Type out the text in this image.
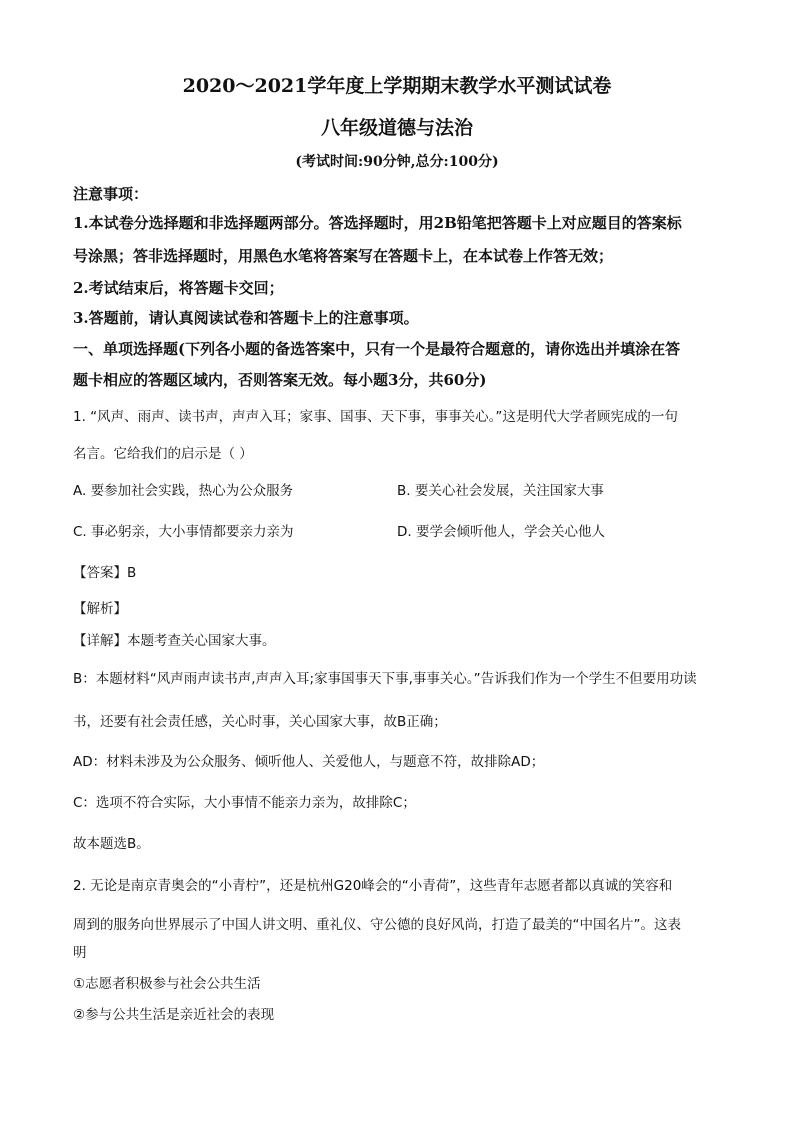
2020～2021学年度上学期期末教学水平测试试卷

八年级道德与法治

(考试时间:90分钟,总分:100分)

注意事项：

1.本试卷分选择题和非选择题两部分。答选择题时，用2B铅笔把答题卡上对应题目的答案标

号涂黑；答非选择题时，用黑色水笔将答案写在答题卡上，在本试卷上作答无效；

2.考试结束后，将答题卡交回；

3.答题前，请认真阅读试卷和答题卡上的注意事项。

一、单项选择题(下列各小题的备选答案中，只有一个是最符合题意的，请你选出并填涂在答

题卡相应的答题区域内，否则答案无效。每小题3分，共60分)

1. “风声、雨声、读书声，声声入耳；家事、国事、天下事，事事关心。”这是明代大学者顾宪成的一句

名言。它给我们的启示是（ ）

A. 要参加社会实践，热心为公众服务	B. 要关心社会发展，关注国家大事

C. 事必躬亲，大小事情都要亲力亲为	D. 要学会倾听他人，学会关心他人

【答案】B

【解析】

【详解】本题考查关心国家大事。

B：本题材料“风声雨声读书声,声声入耳;家事国事天下事,事事关心。”告诉我们作为一个学生不但要用功读

书，还要有社会责任感，关心时事，关心国家大事，故B正确；

AD：材料未涉及为公众服务、倾听他人、关爱他人，与题意不符，故排除AD；

C：选项不符合实际，大小事情不能亲力亲为，故排除C；

故本题选B。

2. 无论是南京青奥会的“小青柠”，还是杭州G20峰会的“小青荷”，这些青年志愿者都以真诚的笑容和

周到的服务向世界展示了中国人讲文明、重礼仪、守公德的良好风尚，打造了最美的“中国名片”。这表

明

①志愿者积极参与社会公共生活

②参与公共生活是亲近社会的表现
